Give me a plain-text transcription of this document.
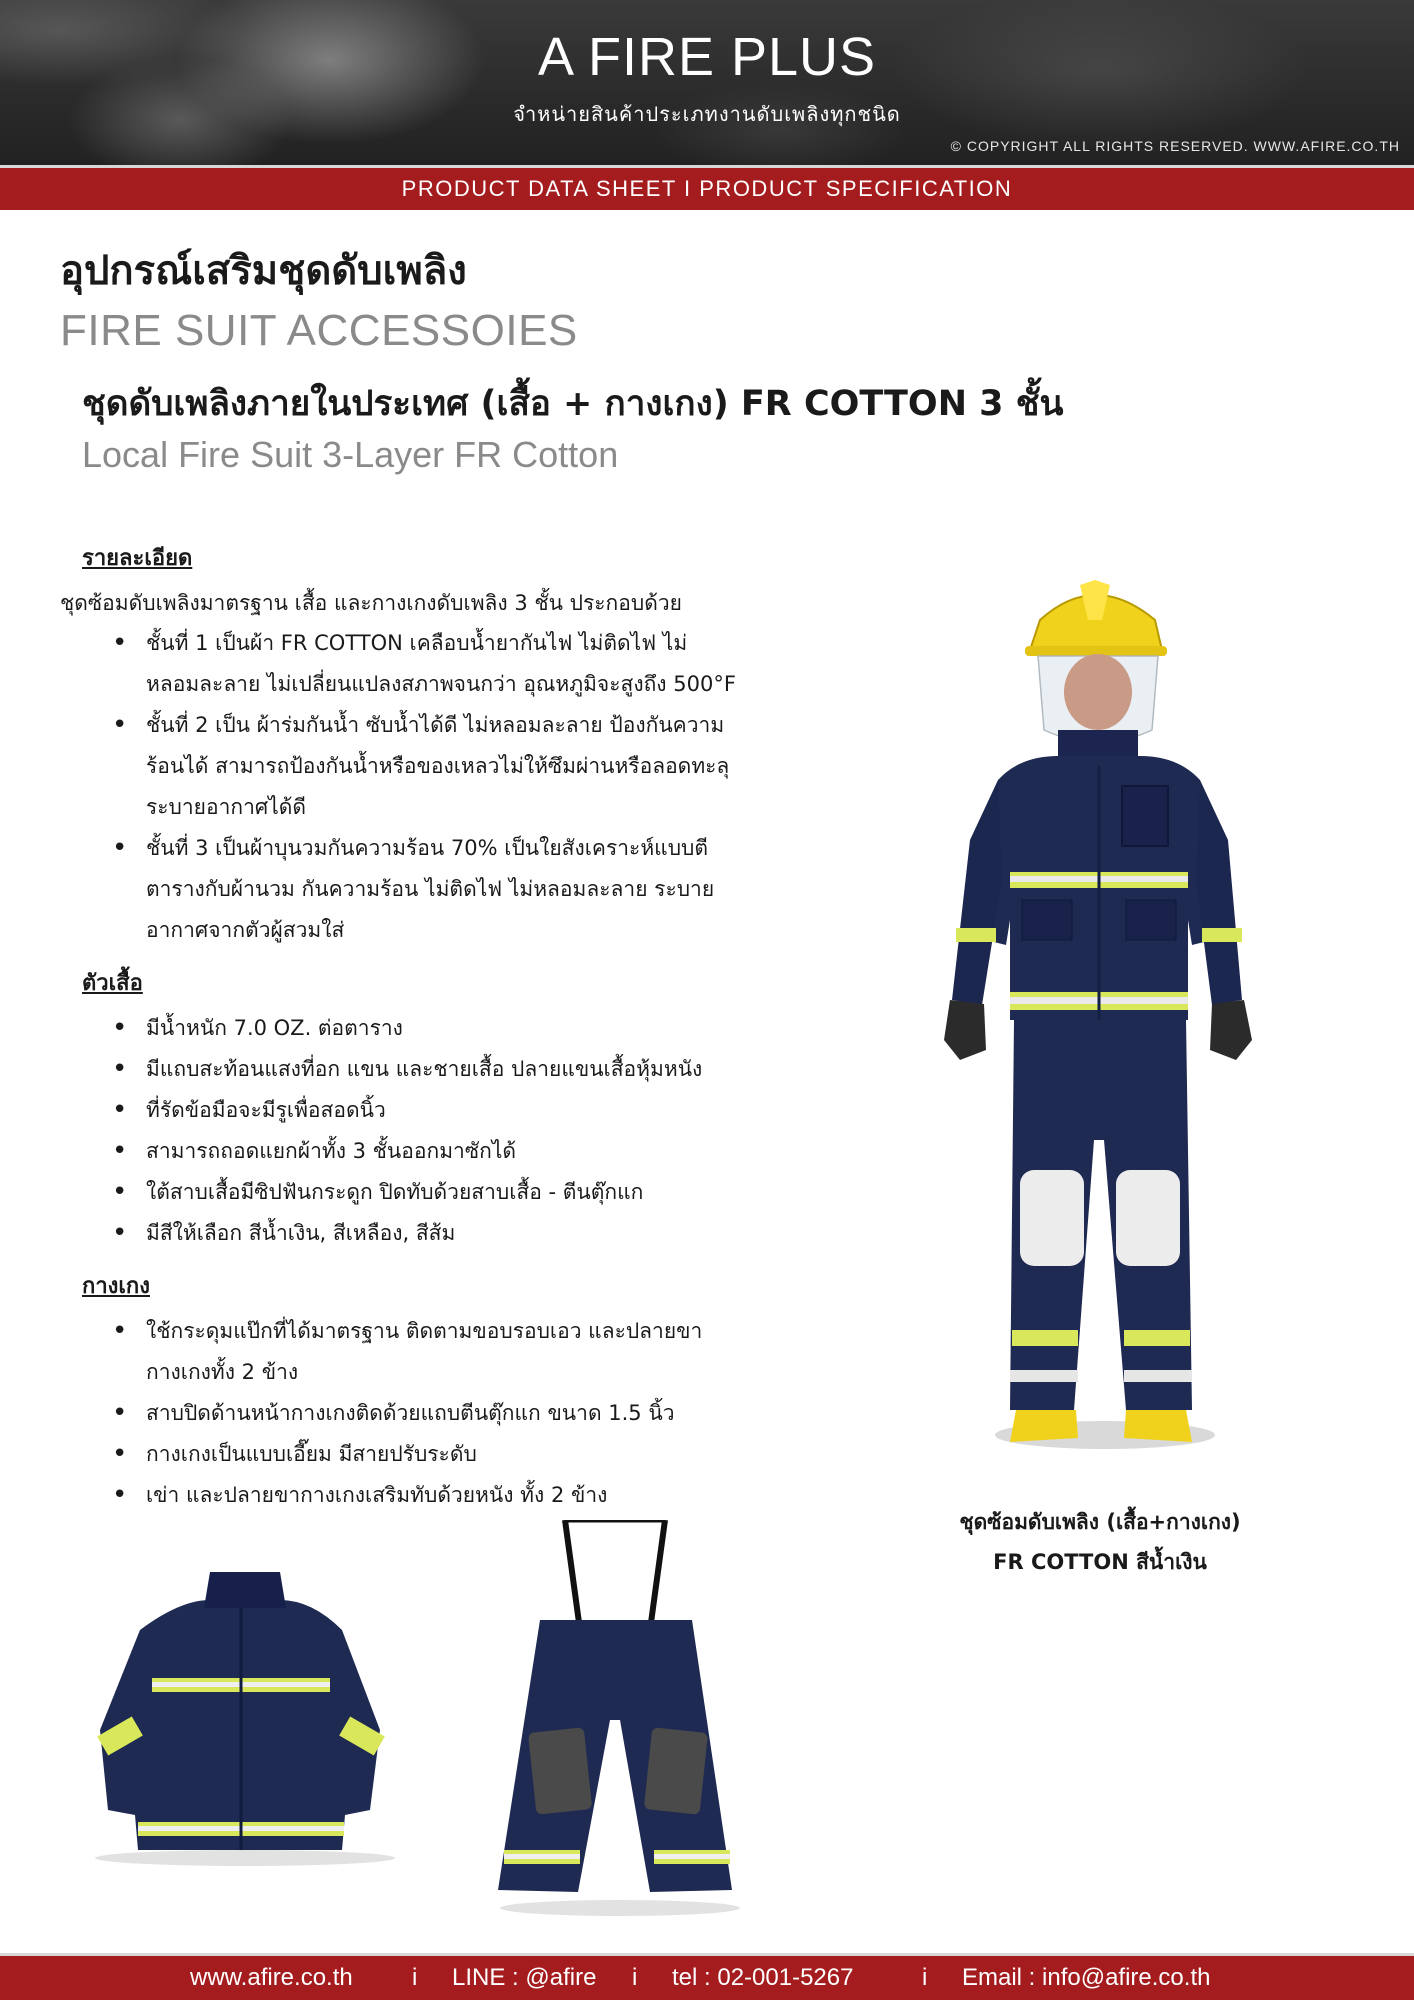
A FIRE PLUS
จำหน่ายสินค้าประเภทงานดับเพลิงทุกชนิด
© COPYRIGHT ALL RIGHTS RESERVED. WWW.AFIRE.CO.TH
PRODUCT DATA SHEET I PRODUCT SPECIFICATION
อุปกรณ์เสริมชุดดับเพลิง
FIRE SUIT ACCESSOIES
ชุดดับเพลิงภายในประเทศ (เสื้อ + กางเกง) FR COTTON 3 ชั้น
Local Fire Suit 3-Layer FR Cotton
รายละเอียด
ชุดซ้อมดับเพลิงมาตรฐาน เสื้อ และกางเกงดับเพลิง 3 ชั้น ประกอบด้วย
• ชั้นที่ 1 เป็นผ้า FR COTTON เคลือบน้ำยากันไฟ ไม่ติดไฟ ไม่
หลอมละลาย ไม่เปลี่ยนแปลงสภาพจนกว่า อุณหภูมิจะสูงถึง 500°F
• ชั้นที่ 2 เป็น ผ้าร่มกันน้ำ ซับน้ำได้ดี ไม่หลอมละลาย ป้องกันความ
ร้อนได้ สามารถป้องกันน้ำหรือของเหลวไม่ให้ซึมผ่านหรือลอดทะลุ
ระบายอากาศได้ดี
• ชั้นที่ 3 เป็นผ้าบุนวมกันความร้อน 70% เป็นใยสังเคราะห์แบบตี
ตารางกับผ้านวม กันความร้อน ไม่ติดไฟ ไม่หลอมละลาย ระบาย
อากาศจากตัวผู้สวมใส่
ตัวเสื้อ
• มีน้ำหนัก 7.0 OZ. ต่อตาราง
• มีแถบสะท้อนแสงที่อก แขน และชายเสื้อ ปลายแขนเสื้อหุ้มหนัง
• ที่รัดข้อมือจะมีรูเพื่อสอดนิ้ว
• สามารถถอดแยกผ้าทั้ง 3 ชั้นออกมาซักได้
• ใต้สาบเสื้อมีซิปฟันกระดูก ปิดทับด้วยสาบเสื้อ - ตีนตุ๊กแก
• มีสีให้เลือก สีน้ำเงิน, สีเหลือง, สีส้ม
กางเกง
• ใช้กระดุมแป๊กที่ได้มาตรฐาน ติดตามขอบรอบเอว และปลายขา
กางเกงทั้ง 2 ข้าง
• สาบปิดด้านหน้ากางเกงติดด้วยแถบตีนตุ๊กแก ขนาด 1.5 นิ้ว
• กางเกงเป็นแบบเอี๊ยม มีสายปรับระดับ
• เข่า และปลายขากางเกงเสริมทับด้วยหนัง ทั้ง 2 ข้าง
ชุดซ้อมดับเพลิง (เสื้อ+กางเกง)
FR COTTON สีน้ำเงิน
www.afire.co.th i LINE : @afire i tel : 02-001-5267	i Email : info@afire.co.th
